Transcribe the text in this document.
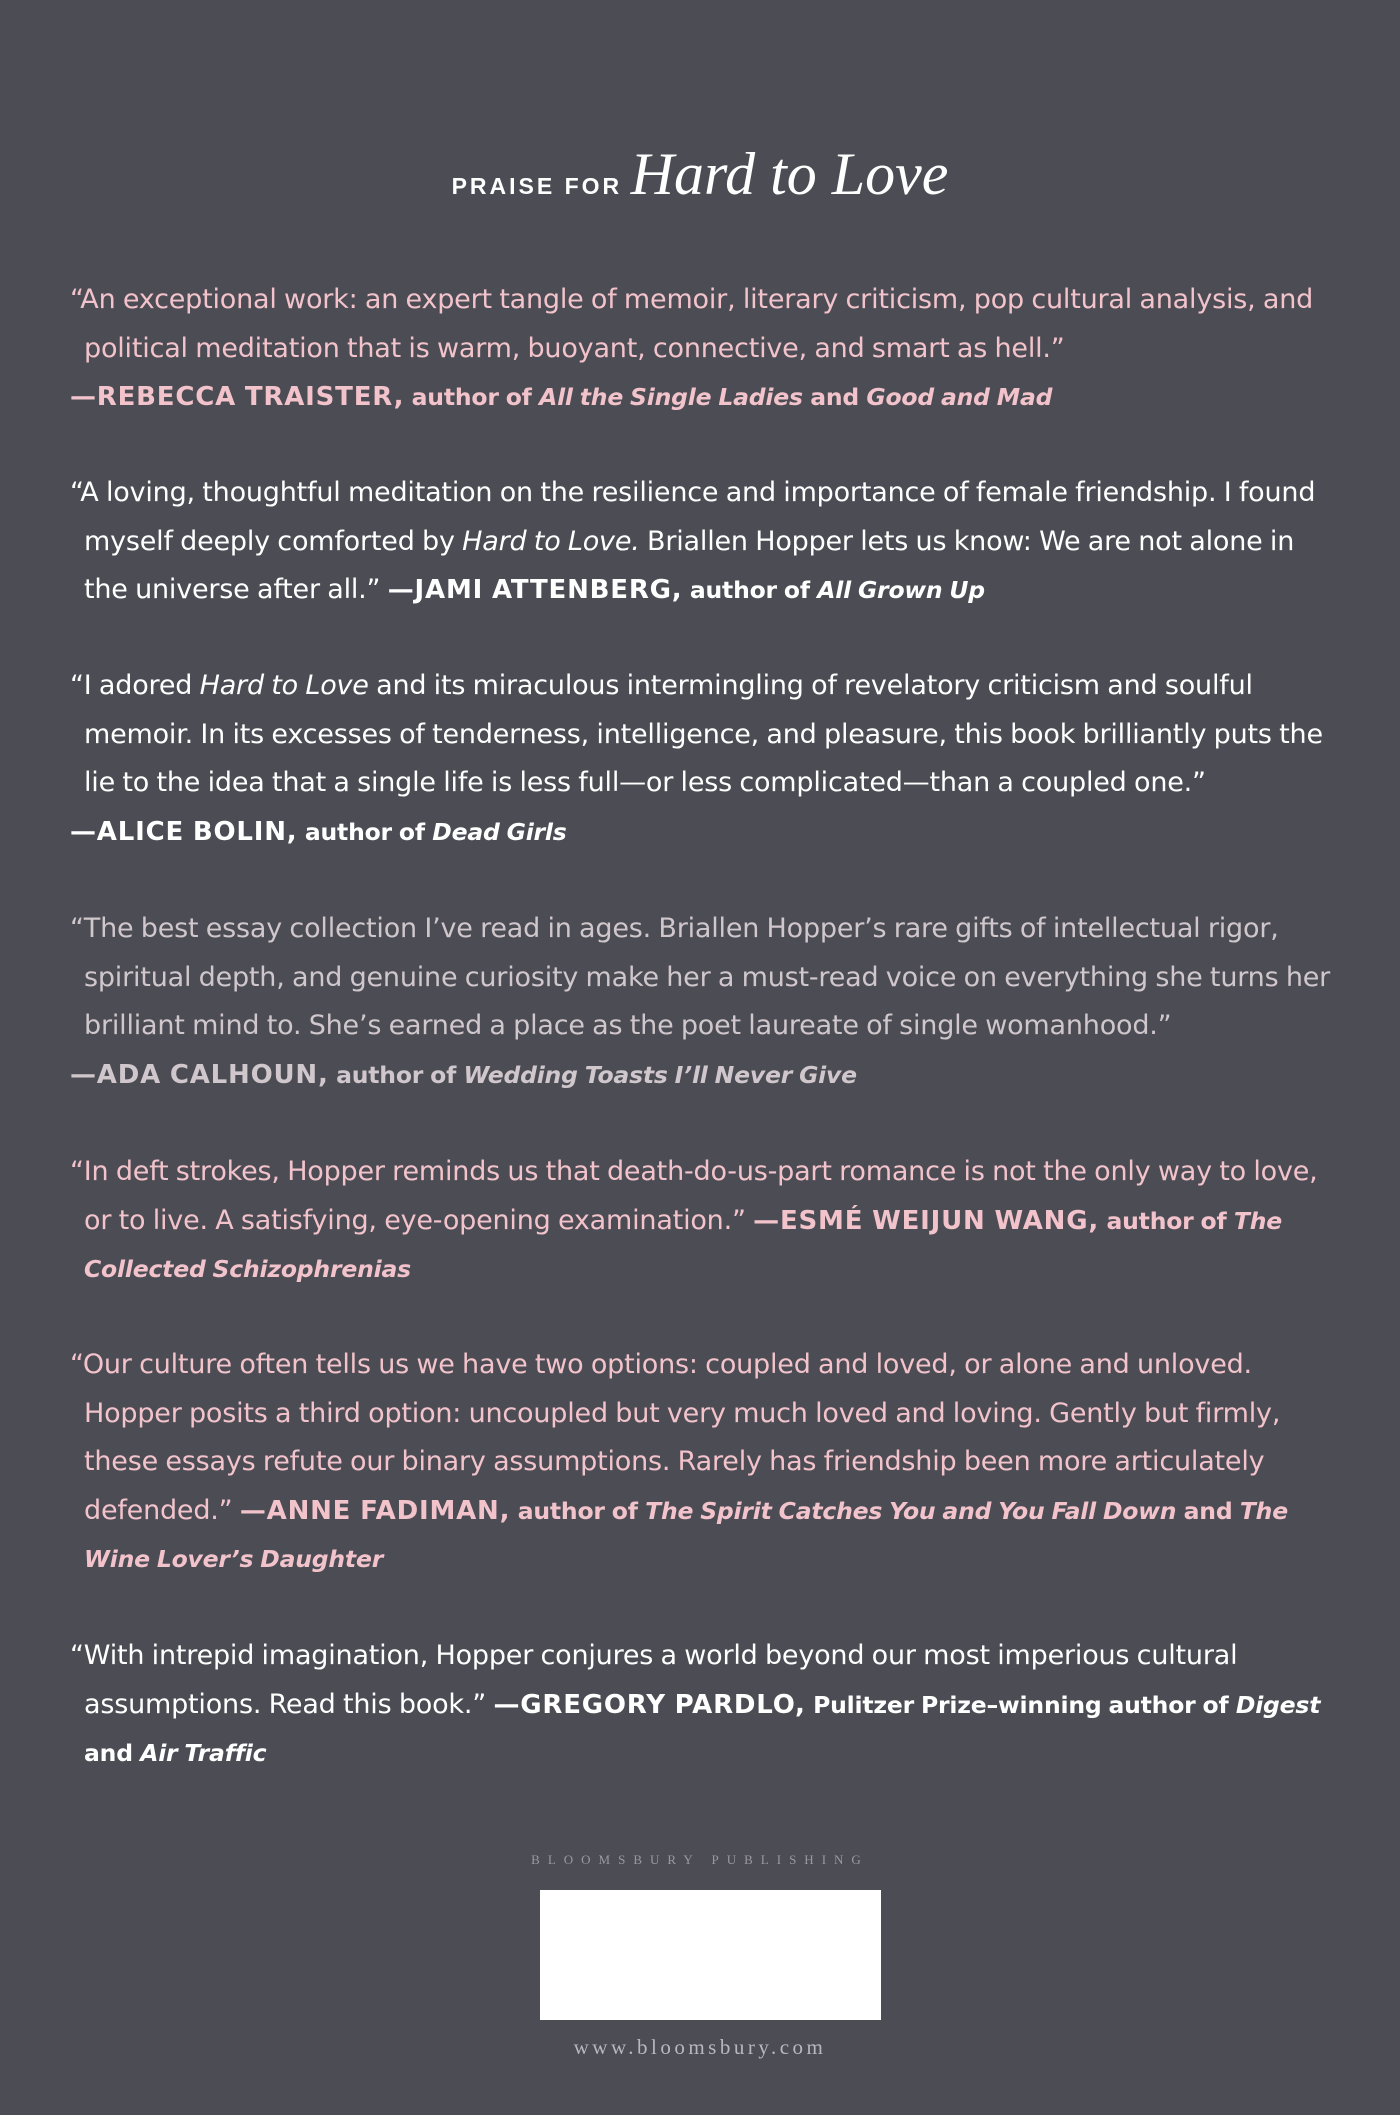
PRAISE FOR Hard to Love
“An exceptional work: an expert tangle of memoir, literary criticism, pop cultural analysis, and political meditation that is warm, buoyant, connective, and smart as hell.”
—REBECCA TRAISTER, author of All the Single Ladies and Good and Mad
“A loving, thoughtful meditation on the resilience and importance of female friendship. I found myself deeply comforted by Hard to Love. Briallen Hopper lets us know: We are not alone in the universe after all.” —JAMI ATTENBERG, author of All Grown Up
“I adored Hard to Love and its miraculous intermingling of revelatory criticism and soulful memoir. In its excesses of tenderness, intelligence, and pleasure, this book brilliantly puts the lie to the idea that a single life is less full—or less complicated—than a coupled one.”
—ALICE BOLIN, author of Dead Girls
“The best essay collection I’ve read in ages. Briallen Hopper’s rare gifts of intellectual rigor, spiritual depth, and genuine curiosity make her a must-read voice on everything she turns her brilliant mind to. She’s earned a place as the poet laureate of single womanhood.”
—ADA CALHOUN, author of Wedding Toasts I’ll Never Give
“In deft strokes, Hopper reminds us that death-do-us-part romance is not the only way to love, or to live. A satisfying, eye-opening examination.” —ESMÉ WEIJUN WANG, author of The Collected Schizophrenias
“Our culture often tells us we have two options: coupled and loved, or alone and unloved. Hopper posits a third option: uncoupled but very much loved and loving. Gently but firmly, these essays refute our binary assumptions. Rarely has friendship been more articulately defended.” —ANNE FADIMAN, author of The Spirit Catches You and You Fall Down and The Wine Lover’s Daughter
“With intrepid imagination, Hopper conjures a world beyond our most imperious cultural assumptions. Read this book.” —GREGORY PARDLO, Pulitzer Prize–winning author of Digest and Air Traffic
BLOOMSBURY PUBLISHING
www.bloomsbury.com
